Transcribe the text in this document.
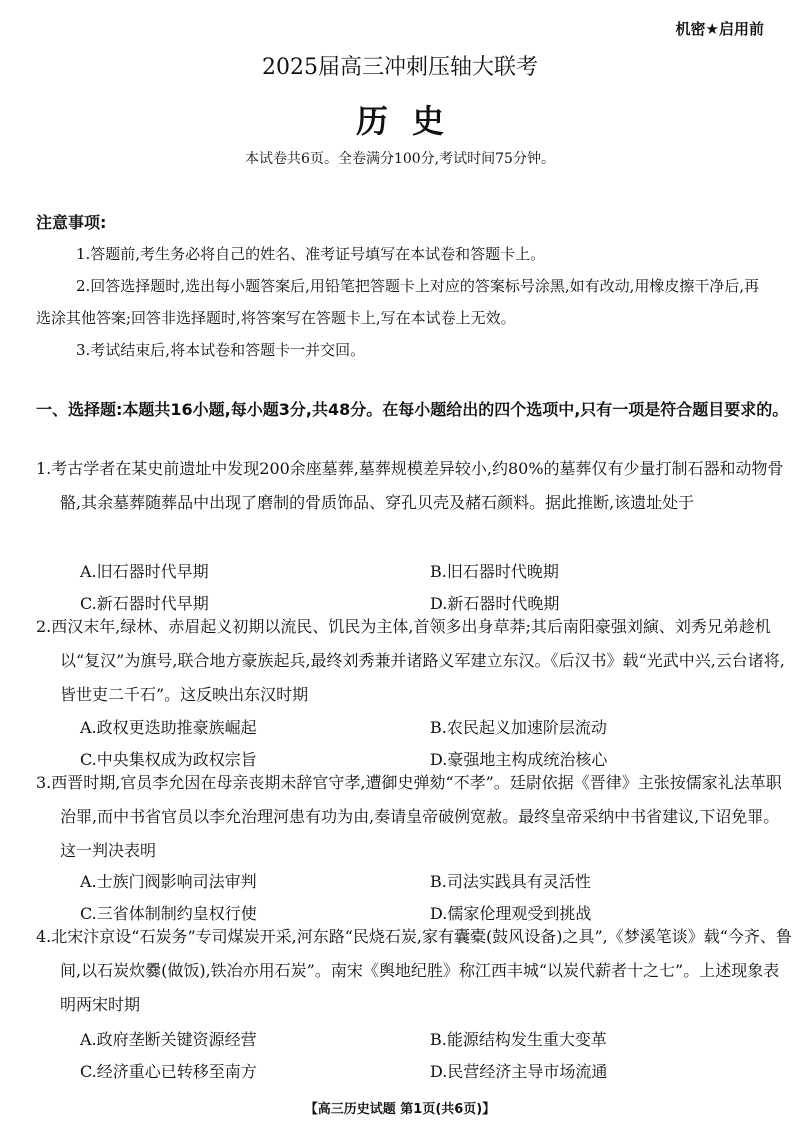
机密★启用前
2025届高三冲刺压轴大联考
历史
本试卷共6页。全卷满分100分,考试时间75分钟。
注意事项:
1.答题前,考生务必将自己的姓名、准考证号填写在本试卷和答题卡上。
2.回答选择题时,选出每小题答案后,用铅笔把答题卡上对应的答案标号涂黑,如有改动,用橡皮擦干净后,再选涂其他答案;回答非选择题时,将答案写在答题卡上,写在本试卷上无效。
3.考试结束后,将本试卷和答题卡一并交回。
一、选择题:本题共16小题,每小题3分,共48分。在每小题给出的四个选项中,只有一项是符合题目要求的。
1.考古学者在某史前遗址中发现200余座墓葬,墓葬规模差异较小,约80%的墓葬仅有少量打制石器和动物骨骼,其余墓葬随葬品中出现了磨制的骨质饰品、穿孔贝壳及赭石颜料。据此推断,该遗址处于
A.旧石器时代早期	B.旧石器时代晚期
C.新石器时代早期	D.新石器时代晚期
2.西汉末年,绿林、赤眉起义初期以流民、饥民为主体,首领多出身草莽;其后南阳豪强刘縯、刘秀兄弟趁机以“复汉”为旗号,联合地方豪族起兵,最终刘秀兼并诸路义军建立东汉。《后汉书》载“光武中兴,云台诸将,皆世吏二千石”。这反映出东汉时期
A.政权更迭助推豪族崛起	B.农民起义加速阶层流动
C.中央集权成为政权宗旨	D.豪强地主构成统治核心
3.西晋时期,官员李允因在母亲丧期未辞官守孝,遭御史弹劾“不孝”。廷尉依据《晋律》主张按儒家礼法革职治罪,而中书省官员以李允治理河患有功为由,奏请皇帝破例宽赦。最终皇帝采纳中书省建议,下诏免罪。这一判决表明
A.士族门阀影响司法审判	B.司法实践具有灵活性
C.三省体制制约皇权行使	D.儒家伦理观受到挑战
4.北宋汴京设“石炭务”专司煤炭开采,河东路“民烧石炭,家有囊橐(鼓风设备)之具”,《梦溪笔谈》载“今齐、鲁间,以石炭炊爨(做饭),铁冶亦用石炭”。南宋《舆地纪胜》称江西丰城“以炭代薪者十之七”。上述现象表明两宋时期
A.政府垄断关键资源经营	B.能源结构发生重大变革
C.经济重心已转移至南方	D.民营经济主导市场流通
【高三历史试题 第1页(共6页)】
